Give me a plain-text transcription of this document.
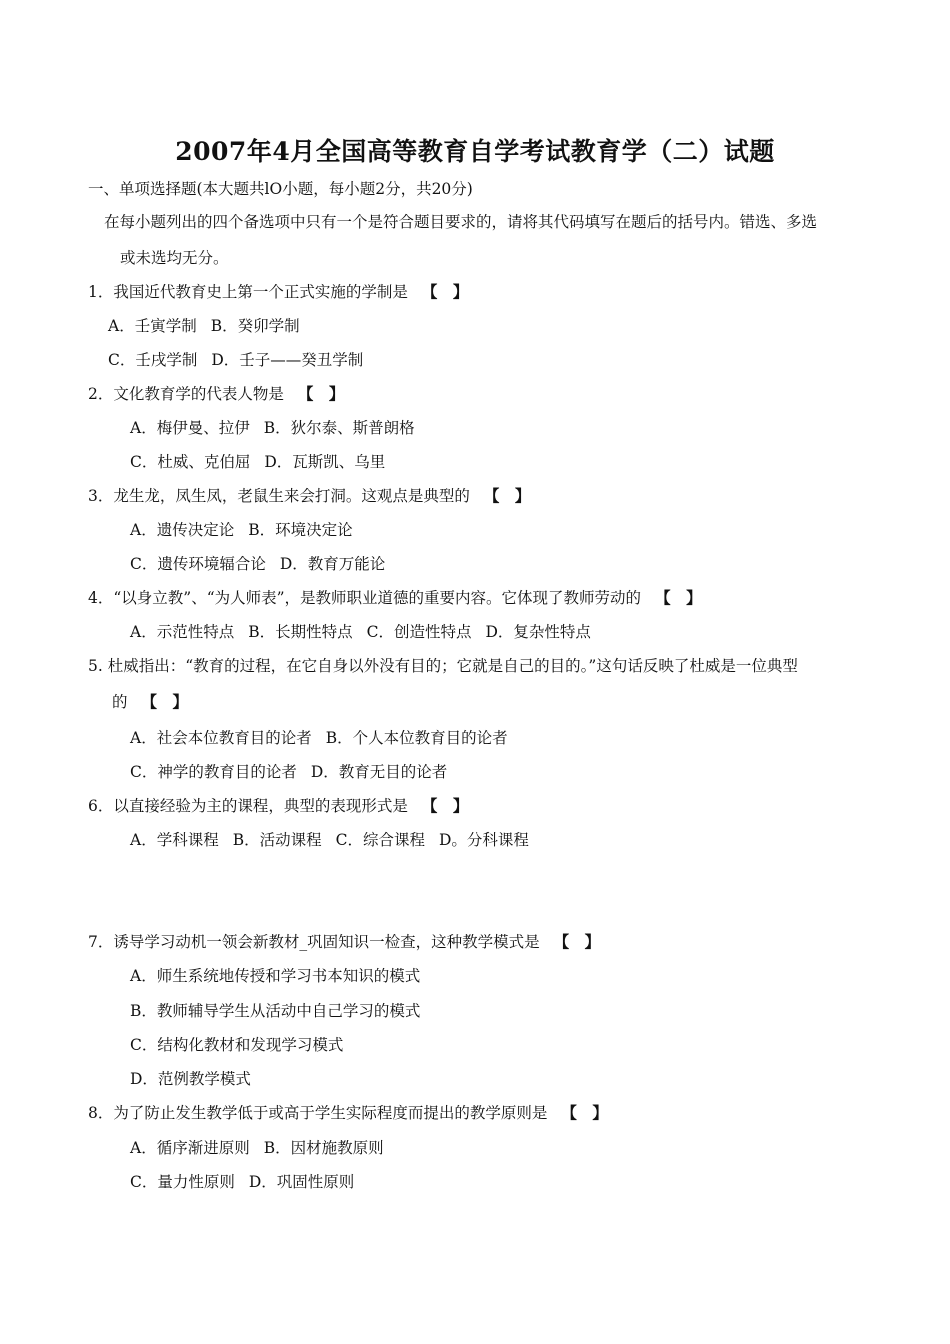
2007年4月全国高等教育自学考试教育学（二）试题
一、单项选择题(本大题共lO小题，每小题2分，共20分)
在每小题列出的四个备选项中只有一个是符合题目要求的，请将其代码填写在题后的括号内。错选、多选
或未选均无分。
1．我国近代教育史上第一个正式实施的学制是 【　】
A．壬寅学制 B．癸卯学制
C．壬戌学制 D．壬子——癸丑学制
2．文化教育学的代表人物是 【　】
A．梅伊曼、拉伊 B．狄尔泰、斯普朗格
C．杜威、克伯屈 D．瓦斯凯、乌里
3．龙生龙，凤生凤，老鼠生来会打洞。这观点是典型的 【　】
A．遗传决定论 B．环境决定论
C．遗传环境辐合论 D．教育万能论
4．“以身立教”、“为人师表”，是教师职业道德的重要内容。它体现了教师劳动的 【　】
A．示范性特点 B．长期性特点 C．创造性特点 D．复杂性特点
5. 杜威指出：“教育的过程，在它自身以外没有目的；它就是自己的目的。”这句话反映了杜威是一位典型
的 【　】
A．社会本位教育目的论者 B．个人本位教育目的论者
C．神学的教育目的论者 D．教育无目的论者
6．以直接经验为主的课程，典型的表现形式是 【　】
A．学科课程 B．活动课程 C．综合课程 D。分科课程
7．诱导学习动机一领会新教材_巩固知识一检查，这种教学模式是 【　】
A．师生系统地传授和学习书本知识的模式
B．教师辅导学生从活动中自己学习的模式
C．结构化教材和发现学习模式
D．范例教学模式
8．为了防止发生教学低于或高于学生实际程度而提出的教学原则是 【　】
A．循序渐进原则 B．因材施教原则
C．量力性原则 D．巩固性原则
